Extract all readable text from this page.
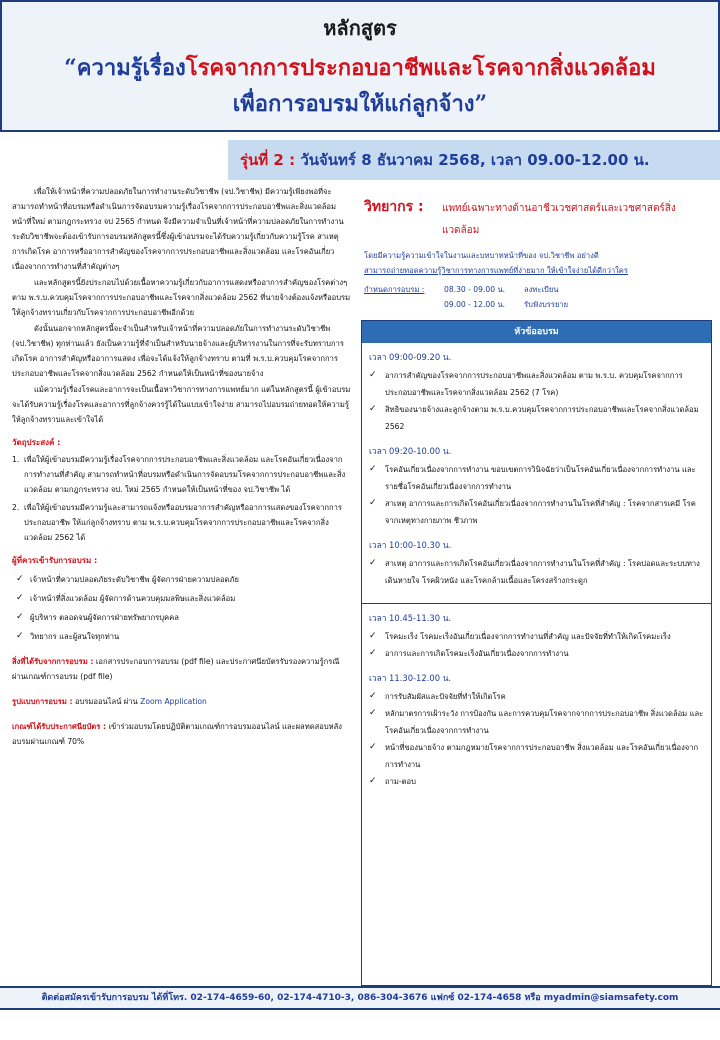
หลักสูตร
“ความรู้เรื่องโรคจากการประกอบอาชีพและโรคจากสิ่งแวดล้อม
เพื่อการอบรมให้แก่ลูกจ้าง”
รุ่นที่ 2 : วันจันทร์ 8 ธันวาคม 2568, เวลา 09.00-12.00 น.

เพื่อให้เจ้าหน้าที่ความปลอดภัยในการทำงานระดับวิชาชีพ (จป.วิชาชีพ) มีความรู้เพียงพอที่จะ สามารถทำหน้าที่อบรมหรือดำเนินการจัดอบรมความรู้เรื่องโรคจากการประกอบอาชีพและสิ่งแวดล้อม หน้าที่ใหม่ ตามกฎกระทรวง จป 2565 กำหนด จึงมีความจำเป็นที่เจ้าหน้าที่ความปลอดภัยในการทำงานระดับวิชาชีพจะต้องเข้ารับการอบรมหลักสูตรนี้ซึ่งผู้เข้าอบรมจะได้รับความรู้เกี่ยวกับความรู้โรค สาเหตุ การเกิดโรค อาการหรืออาการสำคัญของโรคจากการประกอบอาชีพและสิ่งแวดล้อม และโรคอันเกี่ยวเนื่องจากการทำงานที่สำคัญต่างๆ

และหลักสูตรนี้ยังประกอบไปด้วยเนื้อหาความรู้เกี่ยวกับอาการแสดงหรืออาการสำคัญของโรคต่างๆ ตาม พ.ร.บ.ควบคุมโรคจากการประกอบอาชีพและโรคจากสิ่งแวดล้อม 2562 ที่นายจ้างต้องแจ้งหรืออบรมให้ลูกจ้างทราบเกี่ยวกับโรคจากการประกอบอาชีพอีกด้วย

ดังนั้นนอกจากหลักสูตรนี้จะจำเป็นสำหรับเจ้าหน้าที่ความปลอดภัยในการทำงานระดับวิชาชีพ (จป.วิชาชีพ) ทุกท่านแล้ว ยังเป็นความรู้ที่จำเป็นสำหรับนายจ้างและผู้บริหารงานในการที่จะรับทราบการเกิดโรค อาการสำคัญหรืออาการแสดง เพื่อจะได้แจ้งให้ลูกจ้างทราบ ตามที่ พ.ร.บ.ควบคุมโรคจากการประกอบอาชีพและโรคจากสิ่งแวดล้อม 2562 กำหนดให้เป็นหน้าที่ของนายจ้าง

แม้ความรู้เรื่องโรคและอาการจะเป็นเนื้อหาวิชาการทางการแพทย์มาก แต่ในหลักสูตรนี้ ผู้เข้าอบรมจะได้รับความรู้เรื่องโรคและอาการที่ลูกจ้างควรรู้ได้ในแบบเข้าใจง่าย สามารถไปอบรมถ่ายทอดให้ความรู้ให้ลูกจ้างทราบและเข้าใจได้

วัตถุประสงค์ :
1. เพื่อให้ผู้เข้าอบรมมีความรู้เรื่องโรคจากการประกอบอาชีพและสิ่งแวดล้อม และโรคอันเกี่ยวเนื่องจากการทำงานที่สำคัญ สามารถทำหน้าที่อบรมหรือดำเนินการจัดอบรมโรคจากการประกอบอาชีพและสิ่งแวดล้อม ตามกฎกระทรวง จป. ใหม่ 2565 กำหนดให้เป็นหน้าที่ของ จป.วิชาชีพ ได้
2. เพื่อให้ผู้เข้าอบรมมีความรู้และสามารถแจ้งหรืออบรมอาการสำคัญหรืออาการแสดงของโรคจากการประกอบอาชีพ ให้แก่ลูกจ้างทราบ ตาม พ.ร.บ.ควบคุมโรคจากการประกอบอาชีพและโรคจากสิ่งแวดล้อม 2562 ได้
ผู้ที่ควรเข้ารับการอบรม :
✓ เจ้าหน้าที่ความปลอดภัยระดับวิชาชีพ ผู้จัดการฝ่ายความปลอดภัย
✓ เจ้าหน้าที่สิ่งแวดล้อม ผู้จัดการด้านควบคุมมลพิษและสิ่งแวดล้อม
✓ ผู้บริหาร ตลอดจนผู้จัดการฝ่ายทรัพยากรบุคคล
✓ วิทยากร และผู้สนใจทุกท่าน
สิ่งที่ได้รับจากการอบรม : เอกสารประกอบการอบรม (pdf file) และประกาศนียบัตรรับรองความรู้กรณีผ่านเกณฑ์การอบรม (pdf file)
รูปแบบการอบรม : อบรมออนไลน์ ผ่าน Zoom Application
เกณฑ์ได้รับประกาศนียบัตร : เข้าร่วมอบรมโดยปฏิบัติตามเกณฑ์การอบรมออนไลน์ และผลทดสอบหลังอบรมผ่านเกณฑ์ 70%
วิทยากร : แพทย์เฉพาะทางด้านอาชีวเวชศาสตร์และเวชศาสตร์สิ่งแวดล้อม
โดยมีความรู้ความเข้าใจในงานและบทบาทหน้าที่ของ จป.วิชาชีพ อย่างดี
สามารถถ่ายทอดความรู้วิชาการทางการแพทย์ที่ง่ายมาก ให้เข้าใจง่ายได้ดีกว่าใคร
กำหนดการอบรม :	08.30 - 09.00 น.	ลงทะเบียน
09.00 - 12.00 น.	รับฟังบรรยาย
หัวข้ออบรม
เวลา 09:00-09.20 น.
✓	อาการสำคัญของโรคจากการประกอบอาชีพและสิ่งแวดล้อม ตาม พ.ร.บ. ควบคุมโรคจากการประกอบอาชีพและโรคจากสิ่งแวดล้อม 2562 (7 โรค)
✓	สิทธิของนายจ้างและลูกจ้างตาม พ.ร.บ.ควบคุมโรคจากการประกอบอาชีพและโรคจากสิ่งแวดล้อม 2562
เวลา 09:20-10.00 น.
✓	โรคอันเกี่ยวเนื่องจากการทำงาน ขอบเขตการวินิจฉัยว่าเป็นโรคอันเกี่ยวเนื่องจากการทำงาน และรายชื่อโรคอันเกี่ยวเนื่องจากการทำงาน
✓	สาเหตุ อาการและการเกิดโรคอันเกี่ยวเนื่องจากการทำงานในโรคที่สำคัญ : โรคจากสารเคมี โรคจากเหตุทางกายภาพ ชีวภาพ
เวลา 10:00-10.30 น.
✓	สาเหตุ อาการและการเกิดโรคอันเกี่ยวเนื่องจากการทำงานในโรคที่สำคัญ : โรคปอดและระบบทางเดินหายใจ โรคผิวหนัง และโรคกล้ามเนื้อและโครงสร้างกระดูก
เวลา 10.45-11.30 น.
✓	โรคมะเร็ง โรคมะเร็งอันเกี่ยวเนื่องจากการทำงานที่สำคัญ และปัจจัยที่ทำให้เกิดโรคมะเร็ง
✓	อาการและการเกิดโรคมะเร็งอันเกี่ยวเนื่องจากการทำงาน
เวลา 11.30-12.00 น.
✓	การรับสัมผัสและปัจจัยที่ทำให้เกิดโรค
✓	หลักมาตรการเฝ้าระวัง การป้องกัน และการควบคุมโรคจากจากการประกอบอาชีพ สิ่งแวดล้อม และโรคอันเกี่ยวเนื่องจากการทำงาน
✓	หน้าที่ของนายจ้าง ตามกฎหมายโรคจากการประกอบอาชีพ สิ่งแวดล้อม และโรคอันเกี่ยวเนื่องจากการทำงาน
✓	ถาม-ตอบ
ติดต่อสมัครเข้ารับการอบรม ได้ที่โทร. 02-174-4659-60, 02-174-4710-3, 086-304-3676 แฟกซ์ 02-174-4658 หรือ myadmin@siamsafety.com
